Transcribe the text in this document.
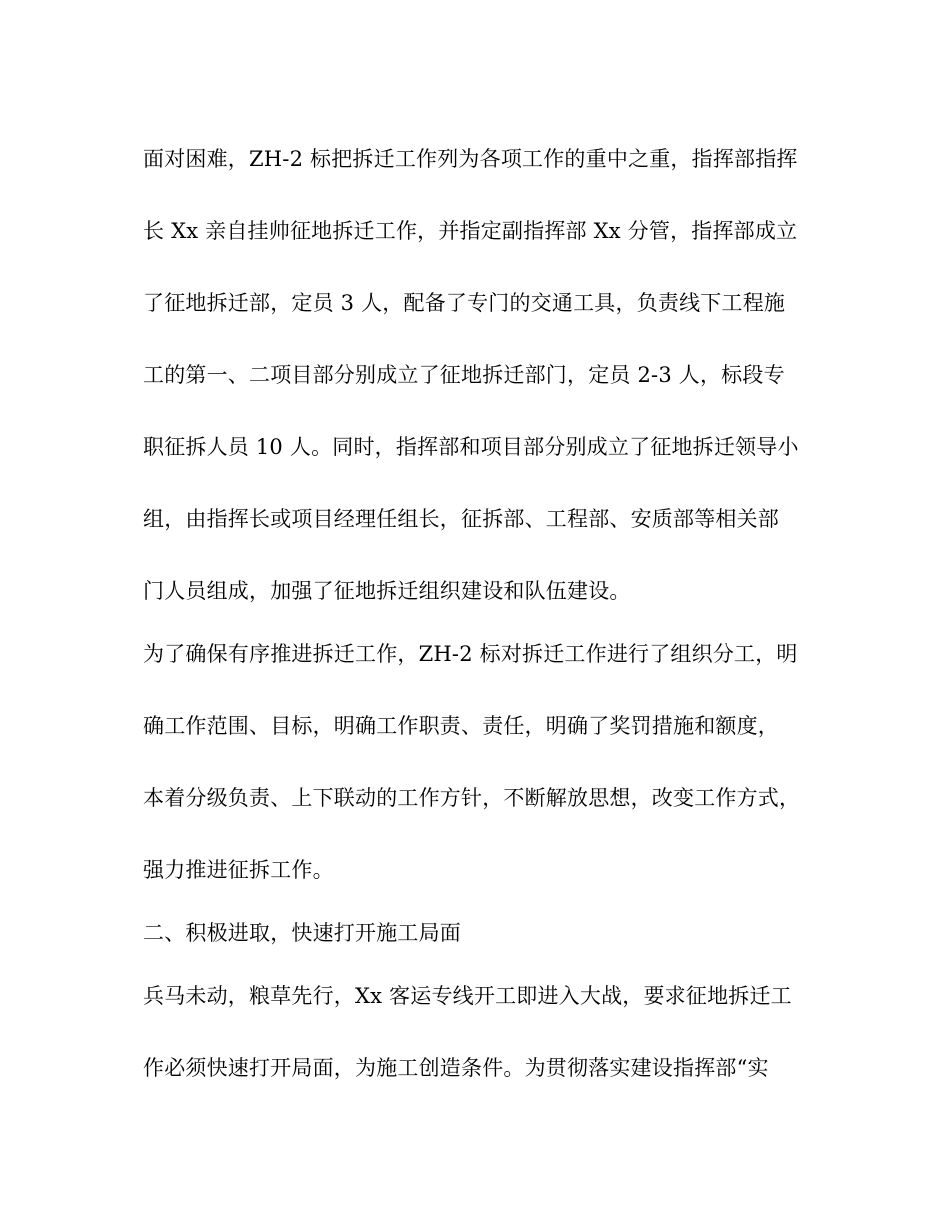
面对困难，ZH-2 标把拆迁工作列为各项工作的重中之重，指挥部指挥
长 Xx 亲自挂帅征地拆迁工作，并指定副指挥部 Xx 分管，指挥部成立
了征地拆迁部，定员 3 人，配备了专门的交通工具，负责线下工程施
工的第一、二项目部分别成立了征地拆迁部门，定员 2-3 人，标段专
职征拆人员 10 人。同时，指挥部和项目部分别成立了征地拆迁领导小
组，由指挥长或项目经理任组长，征拆部、工程部、安质部等相关部
门人员组成，加强了征地拆迁组织建设和队伍建设。
为了确保有序推进拆迁工作，ZH-2 标对拆迁工作进行了组织分工，明
确工作范围、目标，明确工作职责、责任，明确了奖罚措施和额度，
本着分级负责、上下联动的工作方针，不断解放思想，改变工作方式，
强力推进征拆工作。
二、积极进取，快速打开施工局面
兵马未动，粮草先行，Xx 客运专线开工即进入大战，要求征地拆迁工
作必须快速打开局面，为施工创造条件。为贯彻落实建设指挥部“实
